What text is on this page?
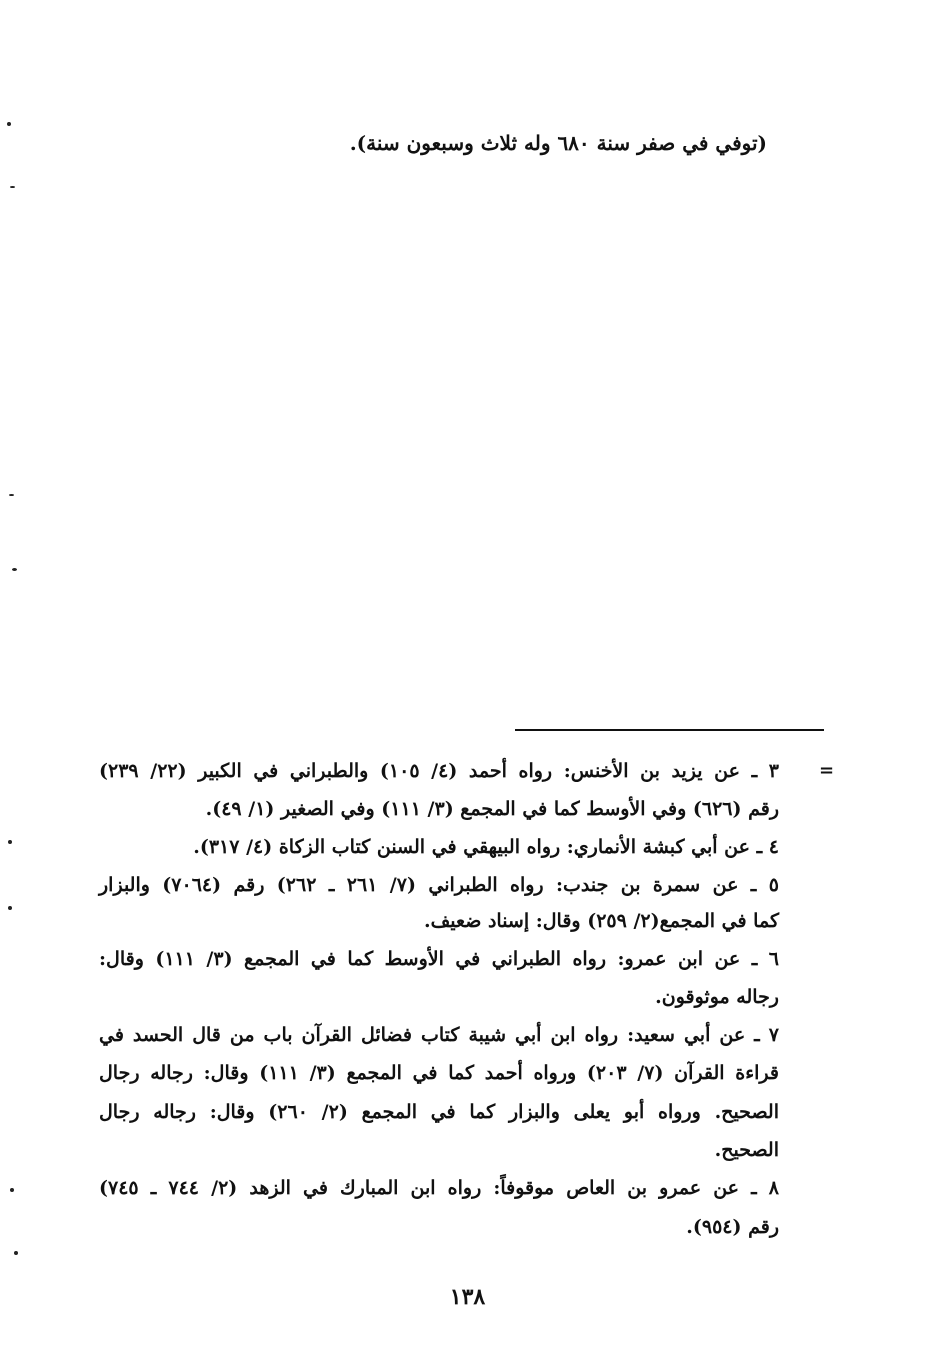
(توفي في صفر سنة ٦٨٠ وله ثلاث وسبعون سنة).
=
٣ ـ عن يزيد بن الأخنس: رواه أحمد (٤/ ١٠٥) والطبراني في الكبير (٢٢/ ٢٣٩)
رقم (٦٢٦) وفي الأوسط كما في المجمع (٣/ ١١١) وفي الصغير (١/ ٤٩).
٤ ـ عن أبي كبشة الأنماري: رواه البيهقي في السنن كتاب الزكاة (٤/ ٣١٧).
٥ ـ عن سمرة بن جندب: رواه الطبراني (٧/ ٢٦١ ـ ٢٦٢) رقم (٧٠٦٤) والبزار
كما في المجمع(٢/ ٢٥٩) وقال: إسناد ضعيف.
٦ ـ عن ابن عمرو: رواه الطبراني في الأوسط كما في المجمع (٣/ ١١١) وقال:
رجاله موثوقون.
٧ ـ عن أبي سعيد: رواه ابن أبي شيبة كتاب فضائل القرآن باب من قال الحسد في
قراءة القرآن (٧/ ٢٠٣) ورواه أحمد كما في المجمع (٣/ ١١١) وقال: رجاله رجال
الصحيح. ورواه أبو يعلى والبزار كما في المجمع (٢/ ٢٦٠) وقال: رجاله رجال
الصحيح.
٨ ـ عن عمرو بن العاص موقوفاً: رواه ابن المبارك في الزهد (٢/ ٧٤٤ ـ ٧٤٥)
رقم (٩٥٤).
١٣٨
